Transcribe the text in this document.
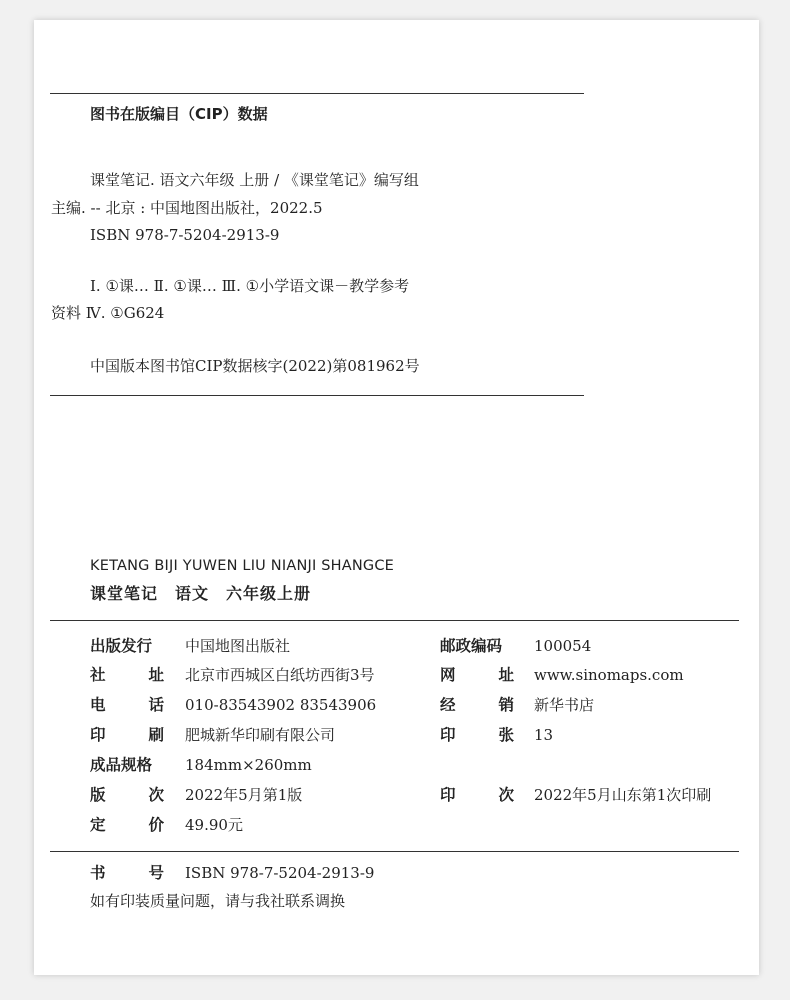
图书在版编目（CIP）数据
课堂笔记. 语文六年级 上册 / 《课堂笔记》编写组
主编. -- 北京 : 中国地图出版社，2022.5
ISBN 978-7-5204-2913-9
Ⅰ. ①课… Ⅱ. ①课… Ⅲ. ①小学语文课－教学参考
资料 Ⅳ. ①G624
中国版本图书馆CIP数据核字(2022)第081962号
KETANG BIJI YUWEN LIU NIANJI SHANGCE
课堂笔记　语文　六年级上册
出版发行 中国地图出版社	邮政编码 100054
社	址 北京市西城区白纸坊西街3号	网	址 www.sinomaps.com
电	话 010-83543902 83543906	经	销 新华书店
印	刷 肥城新华印刷有限公司	印	张 13
成品规格 184mm×260mm
版	次 2022年5月第1版	印	次 2022年5月山东第1次印刷
定	价 49.90元
书	号 ISBN 978-7-5204-2913-9
如有印装质量问题，请与我社联系调换
